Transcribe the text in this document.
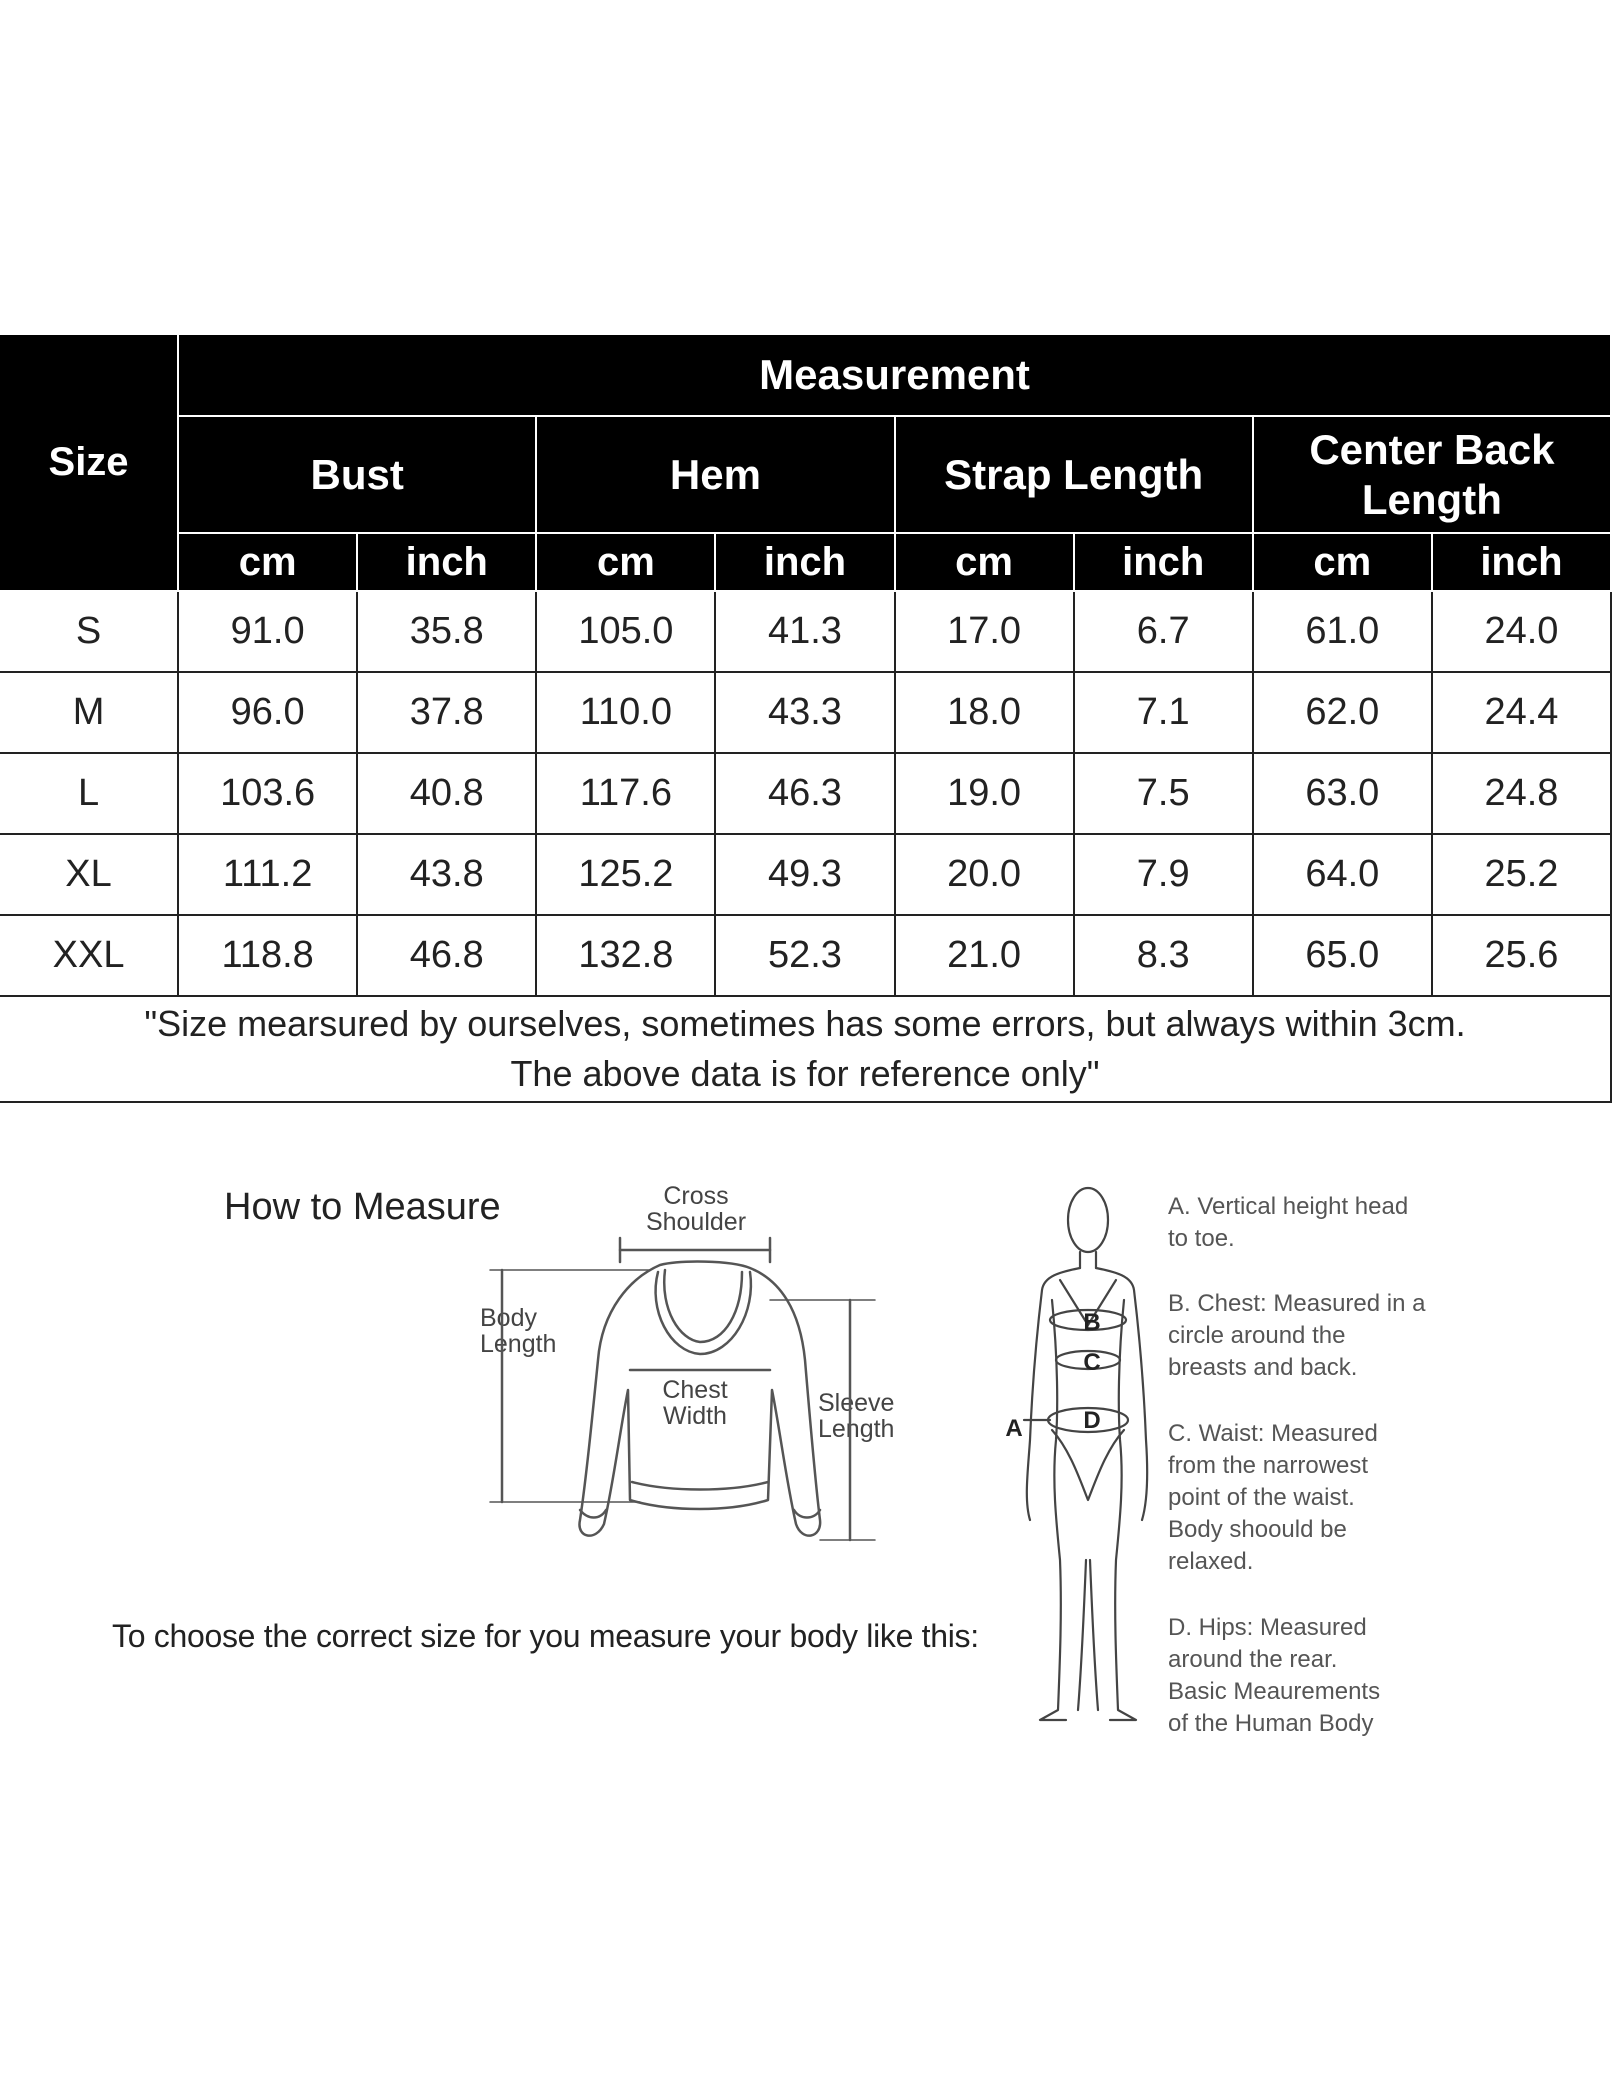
Size	Measurement							
	Bust		Hem		Strap Length		Center Back Length	
	cm	inch	cm	inch	cm	inch	cm	inch
S	91.0	35.8	105.0	41.3	17.0	6.7	61.0	24.0
M	96.0	37.8	110.0	43.3	18.0	7.1	62.0	24.4
L	103.6	40.8	117.6	46.3	19.0	7.5	63.0	24.8
XL	111.2	43.8	125.2	49.3	20.0	7.9	64.0	25.2
XXL	118.8	46.8	132.8	52.3	21.0	8.3	65.0	25.6
"Size mearsured by ourselves, sometimes has some errors, but always within 3cm.
The above data is for reference only"								

How to Measure	Cross
Shoulder

Body
Length

Chest
Width	Sleeve
Length

To choose the correct size for you measure your body like this:

B
C
D
A

A. Vertical height head
to toe.

B. Chest: Measured in a
circle around the
breasts and back.

C. Waist: Measured
from the narrowest
point of the waist.
Body shoould be
relaxed.

D. Hips: Measured
around the rear.
Basic Meaurements
of the Human Body
